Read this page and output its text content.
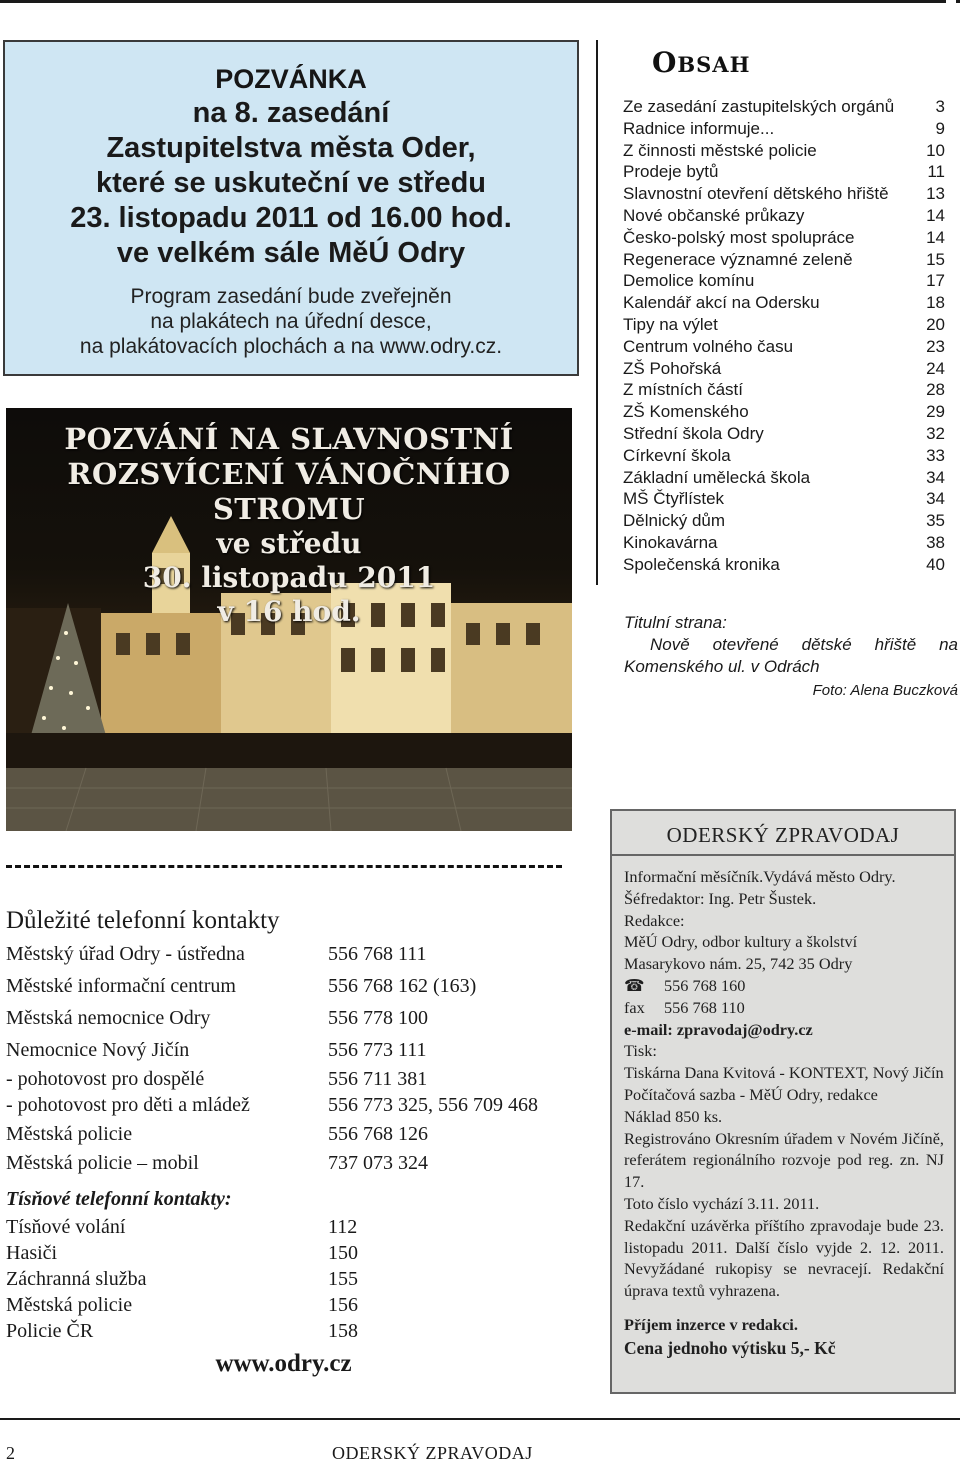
POZVÁNKA
na 8. zasedání
Zastupitelstva města Oder,
které se uskuteční ve středu
23. listopadu 2011 od 16.00 hod.
ve velkém sále MěÚ Odry
Program zasedání bude zveřejněn
na plakátech na úřední desce,
na plakátovacích plochách a na www.odry.cz.
OBSAH
Ze zasedání zastupitelských orgánů 3
Radnice informuje...	9
Z činnosti městské policie	10
Prodeje bytů	11
Slavnostní otevření dětského hřiště 13
Nové občanské průkazy	14
Česko-polský most spolupráce	14
Regenerace významné zeleně	15
Demolice komínu	17
Kalendář akcí na Odersku	18
Tipy na výlet	20
Centrum volného času	23
ZŠ Pohořská	24
Z místních částí	28
ZŠ Komenského	29
Střední škola Odry	32
Církevní škola	33
Základní umělecká škola	34
MŠ Čtyřlístek	34
Dělnický dům	35
Kinokavárna	38
Společenská kronika	40
Titulní strana:
Nově otevřené dětské hřiště na Komenského ul. v Odrách
Foto: Alena Buczková
POZVÁNÍ NA SLAVNOSTNÍ
ROZSVÍCENÍ VÁNOČNÍHO STROMU
ve středu
30. listopadu 2011
v 16 hod.
Důležité telefonní kontakty
Městský úřad Odry - ústředna	556 768 111
Městské informační centrum	556 768 162 (163)
Městská nemocnice Odry	556 778 100
Nemocnice Nový Jičín	556 773 111
- pohotovost pro dospělé	556 711 381
- pohotovost pro děti a mládež	556 773 325, 556 709 468
Městská policie	556 768 126
Městská policie – mobil	737 073 324
Tísňové telefonní kontakty:
Tísňové volání	112
Hasiči	150
Záchranná služba	155
Městská policie	156
Policie ČR	158
www.odry.cz
ODERSKÝ ZPRAVODAJ
Informační měsíčník.Vydává město Odry.
Šéfredaktor: Ing. Petr Šustek.
Redakce:
MěÚ Odry, odbor kultury a školství
Masarykovo nám. 25, 742 35 Odry
☎ 556 768 160
fax 556 768 110
e-mail: zpravodaj@odry.cz
Tisk:
Tiskárna Dana Kvitová - KONTEXT, Nový Jičín
Počítačová sazba - MěÚ Odry, redakce
Náklad 850 ks.
Registrováno Okresním úřadem v Novém Jičíně, referátem regionálního rozvoje pod reg. zn. NJ 17.
Toto číslo vychází 3.11. 2011.
Redakční uzávěrka příštího zpravodaje bude 23. listopadu 2011. Další číslo vyjde 2. 12. 2011. Nevyžádané rukopisy se nevracejí. Redakční úprava textů vyhrazena.
Příjem inzerce v redakci.
Cena jednoho výtisku 5,- Kč
2	ODERSKÝ ZPRAVODAJ
